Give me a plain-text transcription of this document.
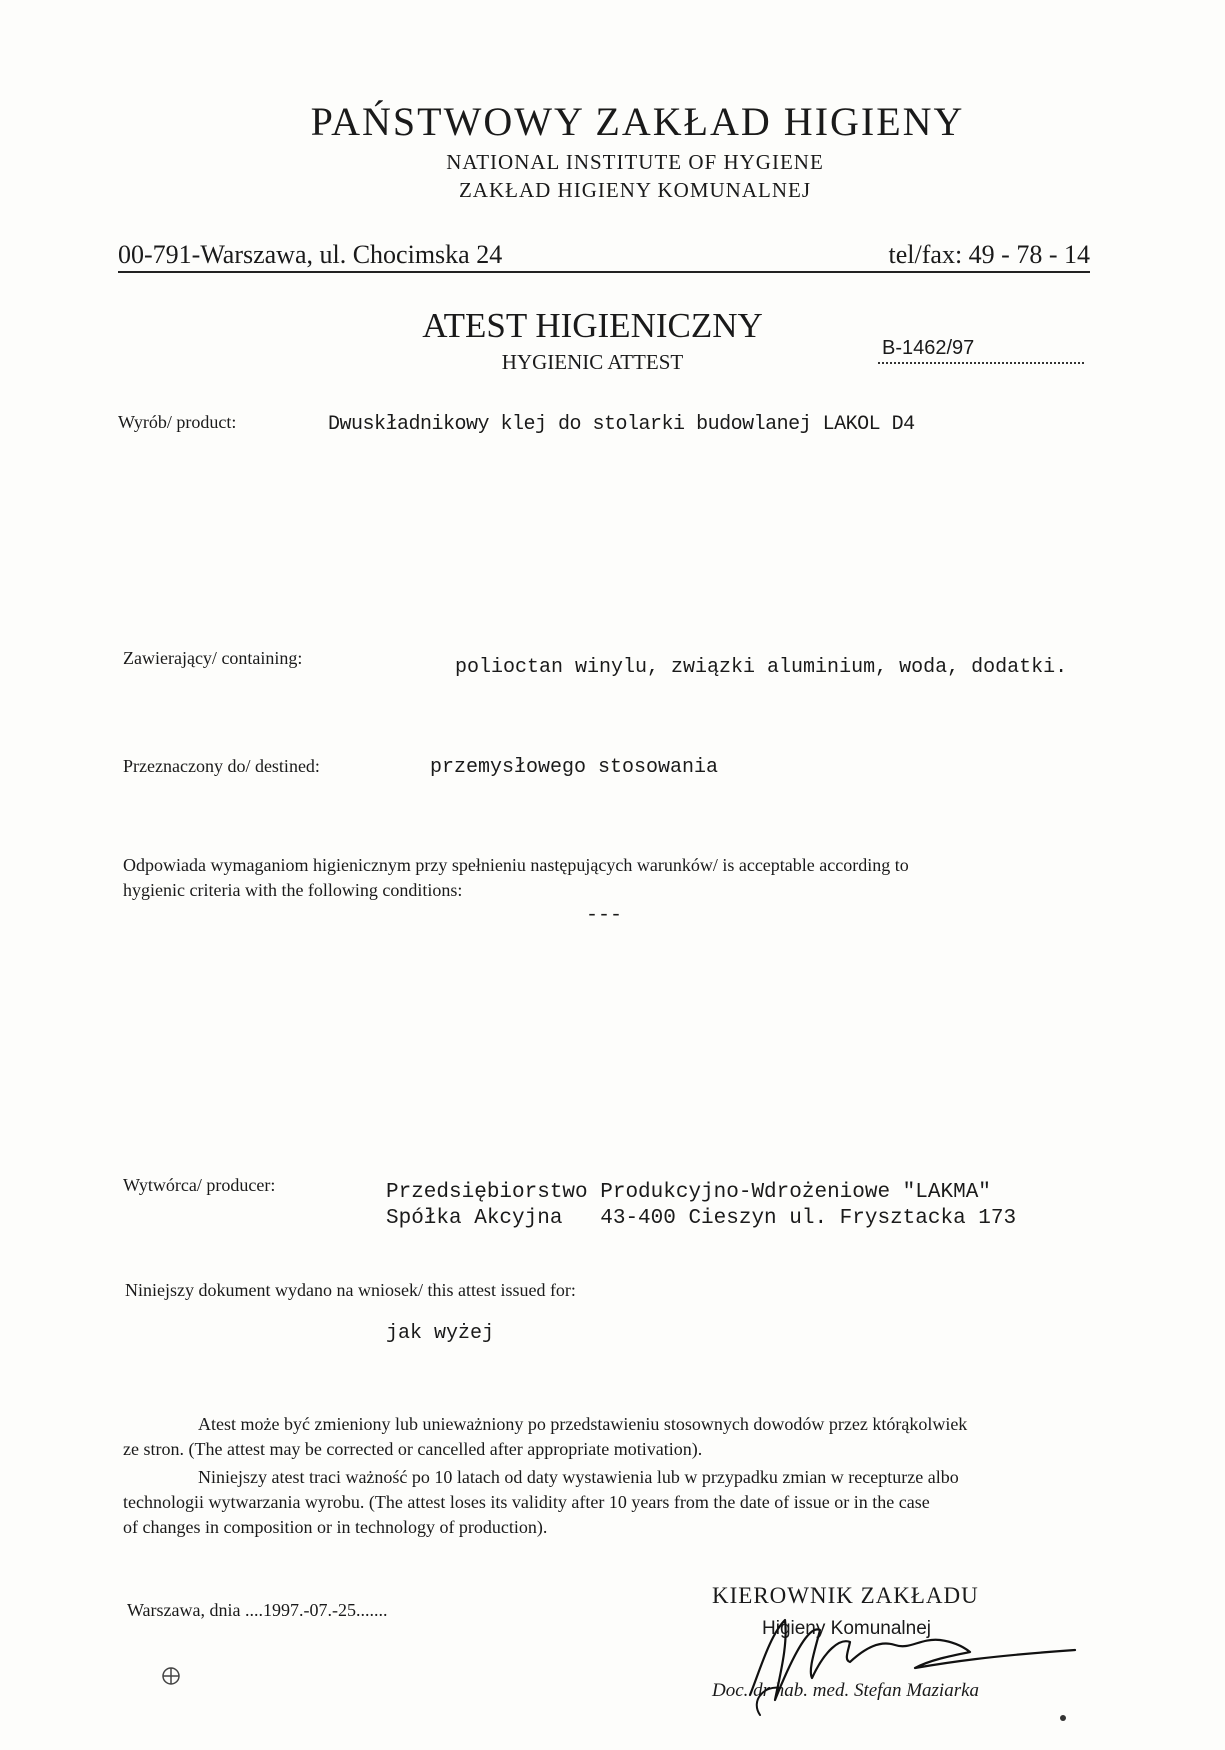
PAŃSTWOWY ZAKŁAD HIGIENY
NATIONAL INSTITUTE OF HYGIENE
ZAKŁAD HIGIENY KOMUNALNEJ
00-791-Warszawa, ul. Chocimska 24	tel/fax: 49 - 78 - 14
ATEST HIGIENICZNY
HYGIENIC ATTEST
B-1462/97
Wyrób/ product:	Dwuskładnikowy klej do stolarki budowlanej LAKOL D4
Zawierający/ containing:	polioctan winylu, związki aluminium, woda, dodatki.
Przeznaczony do/ destined:	przemysłowego stosowania
Odpowiada wymaganiom higienicznym przy spełnieniu następujących warunków/ is acceptable according to
hygienic criteria with the following conditions:
---
Wytwórca/ producer:	Przedsiębiorstwo Produkcyjno-Wdrożeniowe "LAKMA"
Spółka Akcyjna   43-400 Cieszyn ul. Frysztacka 173
Niniejszy dokument wydano na wniosek/ this attest issued for:
jak wyżej
Atest może być zmieniony lub unieważniony po przedstawieniu stosownych dowodów przez którąkolwiek
ze stron. (The attest may be corrected or cancelled after appropriate motivation).
Niniejszy atest traci ważność po 10 latach od daty wystawienia lub w przypadku zmian w recepturze albo
technologii wytwarzania wyrobu. (The attest loses its validity after 10 years from the date of issue or in the case
of changes in composition or in technology of production).
Warszawa, dnia ....1997.-07.-25.......
KIEROWNIK ZAKŁADU
Higieny Komunalnej
Doc. dr hab. med. Stefan Maziarka
